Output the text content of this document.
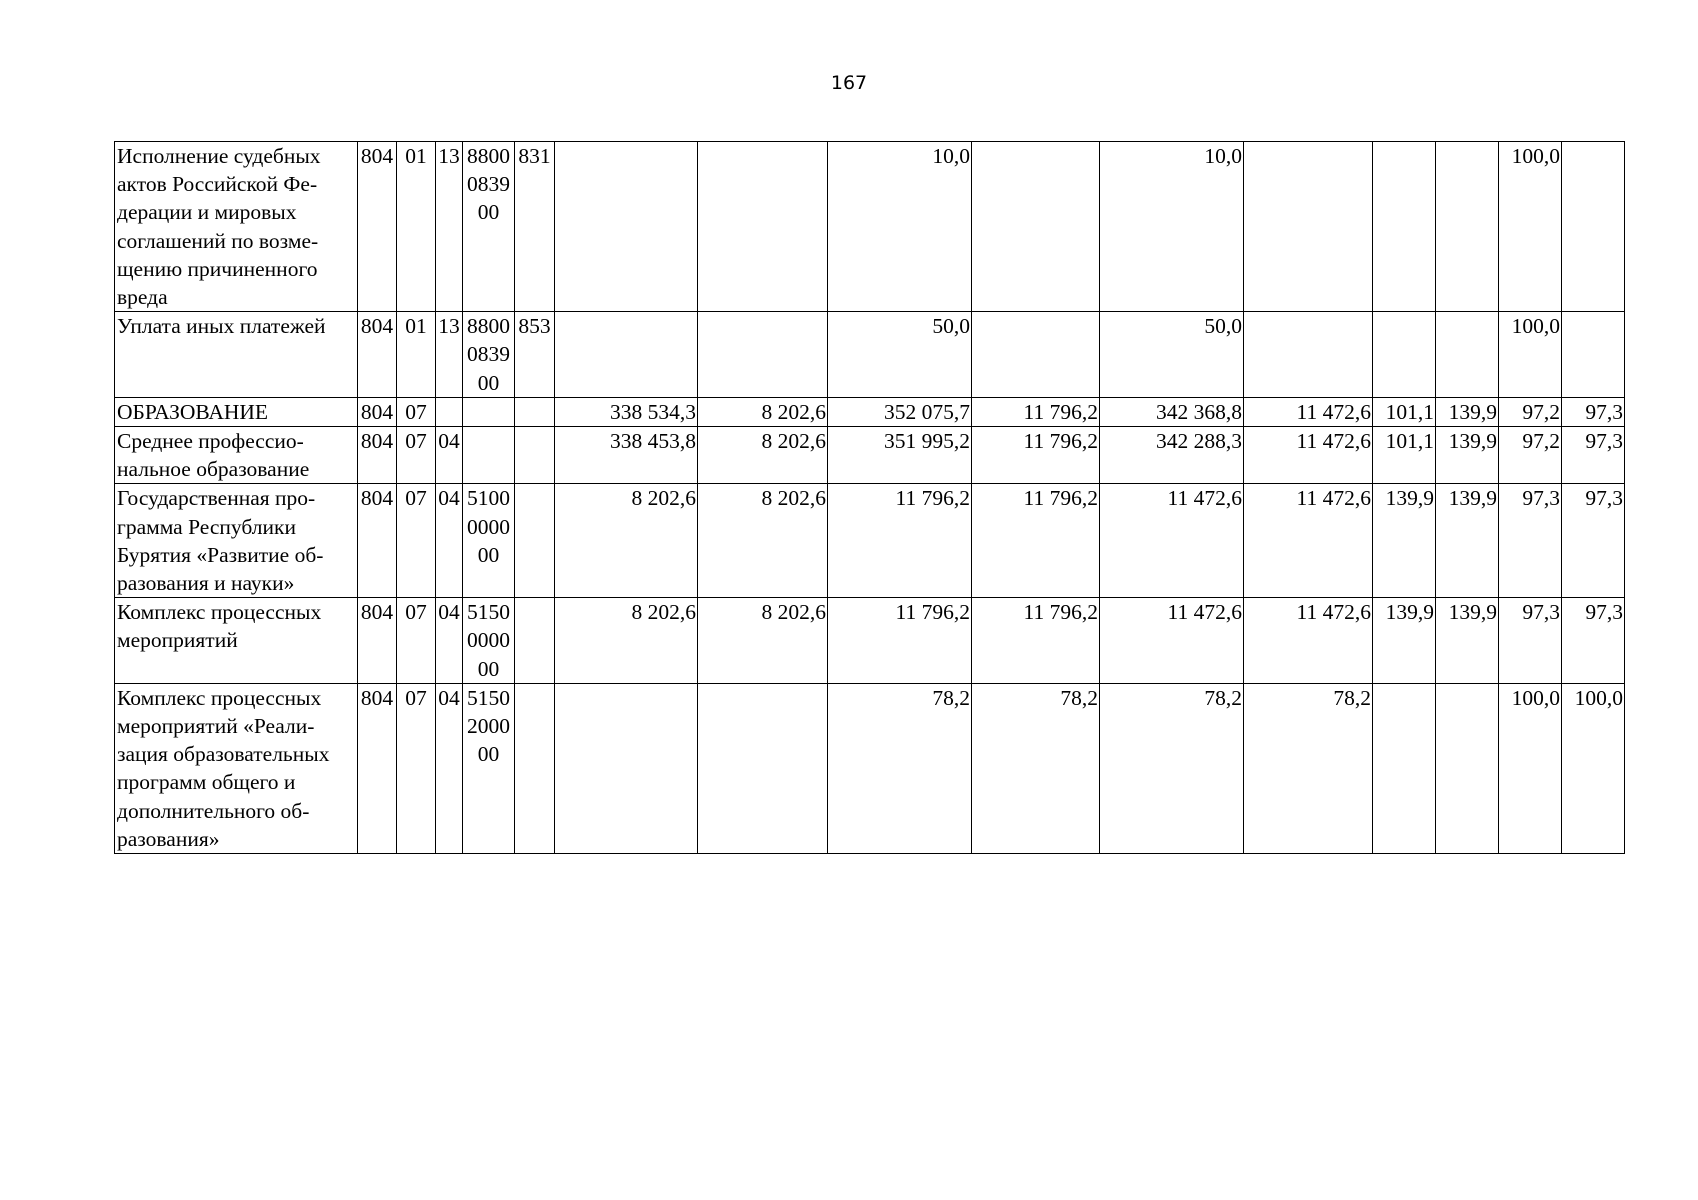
167
Исполнение судебных актов Российской Федерации и мировых соглашений по возмещению причиненного вреда	804	01	13	8800
0839
00	831			10,0		10,0				100,0	
Уплата иных платежей	804	01	13	8800
0839
00	853			50,0		50,0				100,0	
ОБРАЗОВАНИЕ	804	07				338 534,3	8 202,6	352 075,7	11 796,2	342 368,8	11 472,6	101,1	139,9	97,2	97,3
Среднее профессиональное образование	804	07	04			338 453,8	8 202,6	351 995,2	11 796,2	342 288,3	11 472,6	101,1	139,9	97,2	97,3
Государственная программа Республики Бурятия «Развитие образования и науки»	804	07	04	5100
0000
00		8 202,6	8 202,6	11 796,2	11 796,2	11 472,6	11 472,6	139,9	139,9	97,3	97,3
Комплекс процессных мероприятий	804	07	04	5150
0000
00		8 202,6	8 202,6	11 796,2	11 796,2	11 472,6	11 472,6	139,9	139,9	97,3	97,3
Комплекс процессных мероприятий «Реализация образовательных программ общего и дополнительного образования»	804	07	04	5150
2000
00				78,2	78,2	78,2	78,2			100,0	100,0
